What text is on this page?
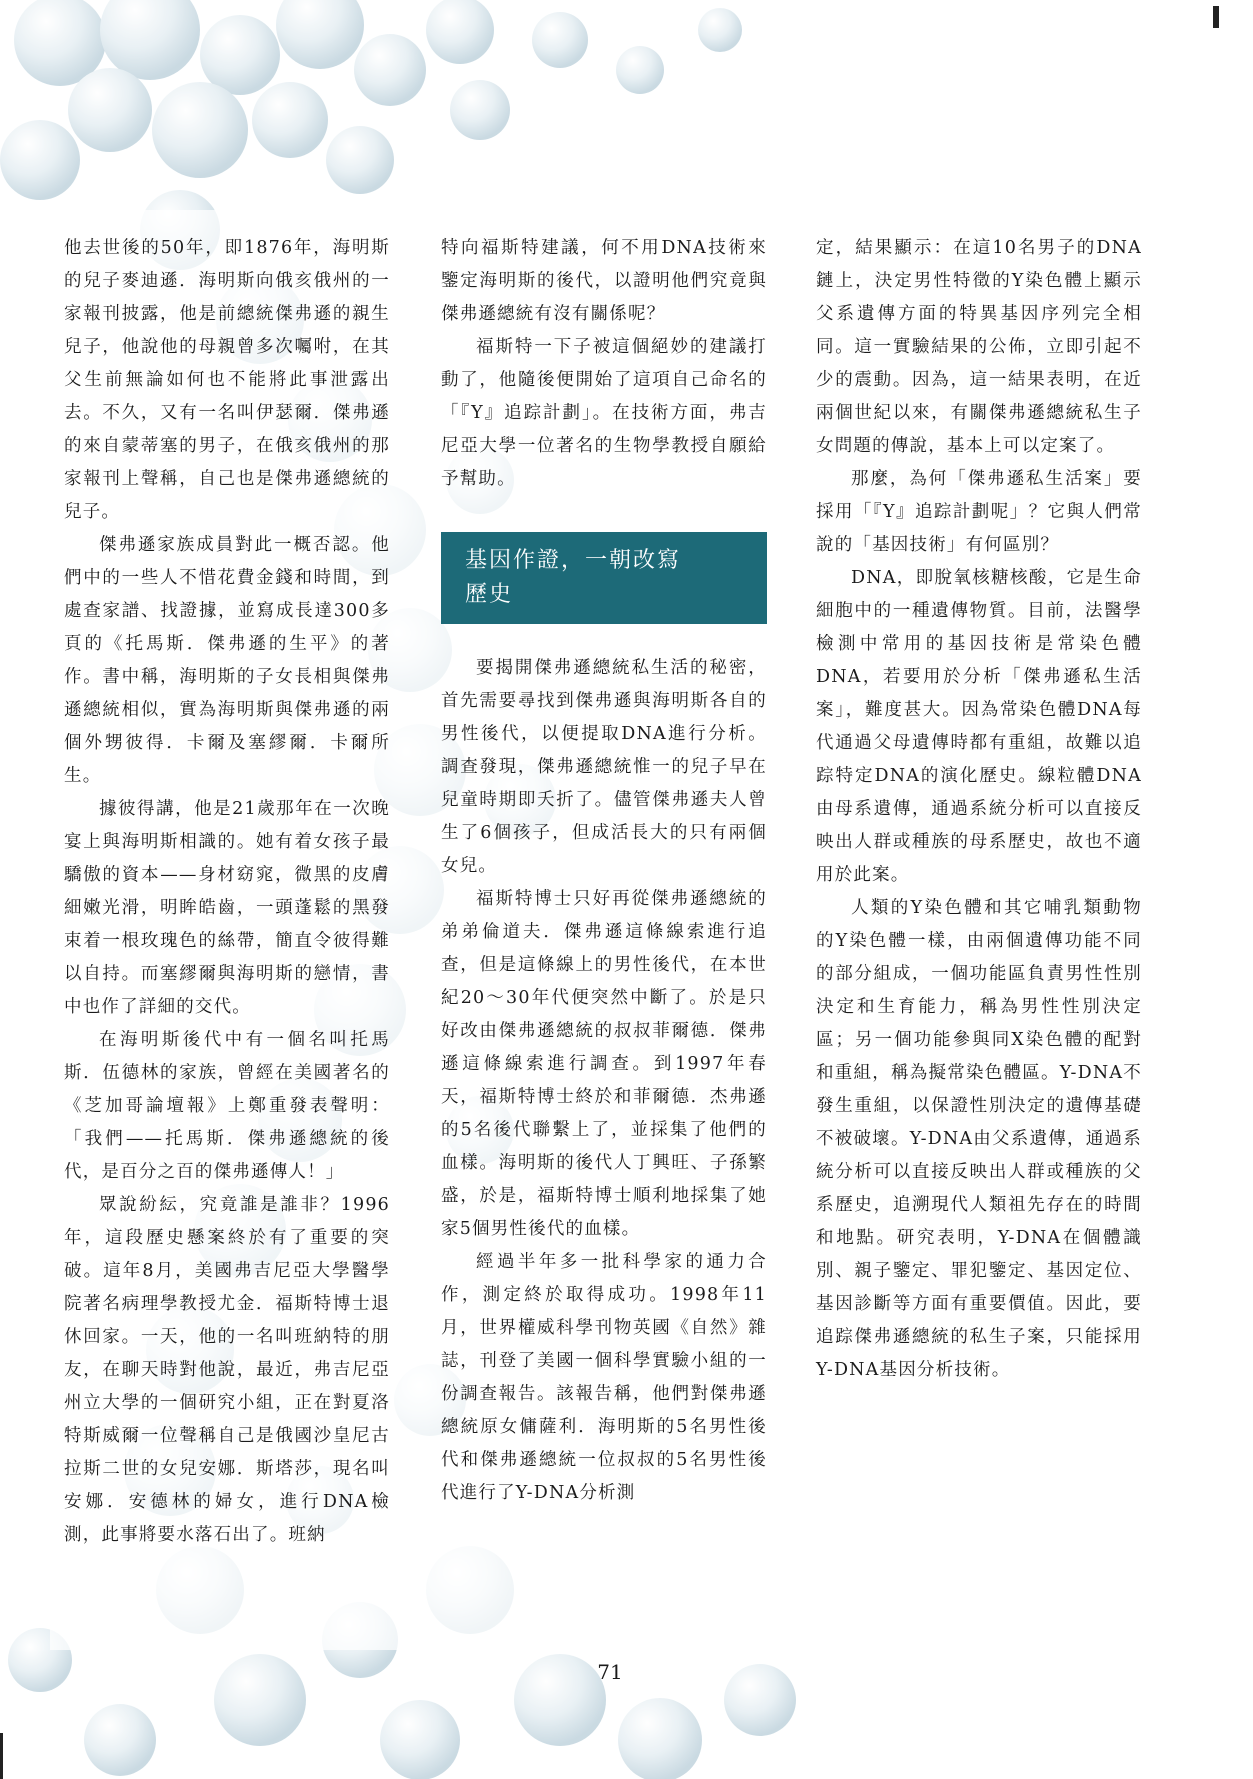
他去世後的50年，即1876年，海明斯的兒子麥迪遜．海明斯向俄亥俄州的一家報刊披露，他是前總統傑弗遜的親生兒子，他說他的母親曾多次囑咐，在其父生前無論如何也不能將此事泄露出去。不久，又有一名叫伊瑟爾．傑弗遜的來自蒙蒂塞的男子，在俄亥俄州的那家報刊上聲稱，自己也是傑弗遜總統的兒子。

傑弗遜家族成員對此一概否認。他們中的一些人不惜花費金錢和時間，到處查家譜、找證據，並寫成長達300多頁的《托馬斯．傑弗遜的生平》的著作。書中稱，海明斯的子女長相與傑弗遜總統相似，實為海明斯與傑弗遜的兩個外甥彼得．卡爾及塞繆爾．卡爾所生。

據彼得講，他是21歲那年在一次晚宴上與海明斯相識的。她有着女孩子最驕傲的資本——身材窈窕，微黑的皮膚細嫩光滑，明眸皓齒，一頭蓬鬆的黑發束着一根玫瑰色的絲帶，簡直令彼得難以自持。而塞繆爾與海明斯的戀情，書中也作了詳細的交代。

在海明斯後代中有一個名叫托馬斯．伍德林的家族，曾經在美國著名的《芝加哥論壇報》上鄭重發表聲明：「我們——托馬斯．傑弗遜總統的後代，是百分之百的傑弗遜傳人！」

眾說紛紜，究竟誰是誰非？1996年，這段歷史懸案終於有了重要的突破。這年8月，美國弗吉尼亞大學醫學院著名病理學教授尤金．福斯特博士退休回家。一天，他的一名叫班納特的朋友，在聊天時對他說，最近，弗吉尼亞州立大學的一個研究小組，正在對夏洛特斯威爾一位聲稱自己是俄國沙皇尼古拉斯二世的女兒安娜．斯塔莎，現名叫安娜．安德林的婦女，進行DNA檢測，此事將要水落石出了。班納

特向福斯特建議，何不用DNA技術來鑒定海明斯的後代，以證明他們究竟與傑弗遜總統有沒有關係呢？

福斯特一下子被這個絕妙的建議打動了，他隨後便開始了這項自己命名的「『Y』追踪計劃」。在技術方面，弗吉尼亞大學一位著名的生物學教授自願給予幫助。

基因作證，一朝改寫
歷史

要揭開傑弗遜總統私生活的秘密，首先需要尋找到傑弗遜與海明斯各自的男性後代，以便提取DNA進行分析。調查發現，傑弗遜總統惟一的兒子早在兒童時期即夭折了。儘管傑弗遜夫人曾生了6個孩子，但成活長大的只有兩個女兒。

福斯特博士只好再從傑弗遜總統的弟弟倫道夫．傑弗遜這條線索進行追查，但是這條線上的男性後代，在本世紀20～30年代便突然中斷了。於是只好改由傑弗遜總統的叔叔菲爾德．傑弗遜這條線索進行調查。到1997年春天，福斯特博士終於和菲爾德．杰弗遜的5名後代聯繫上了，並採集了他們的血樣。海明斯的後代人丁興旺、子孫繁盛，於是，福斯特博士順利地採集了她家5個男性後代的血樣。

經過半年多一批科學家的通力合作，測定終於取得成功。1998年11月，世界權威科學刊物英國《自然》雜誌，刊登了美國一個科學實驗小組的一份調查報告。該報告稱，他們對傑弗遜總統原女傭薩利．海明斯的5名男性後代和傑弗遜總統一位叔叔的5名男性後代進行了Y-DNA分析測

定，結果顯示：在這10名男子的DNA鏈上，決定男性特徵的Y染色體上顯示父系遺傳方面的特異基因序列完全相同。這一實驗結果的公佈，立即引起不少的震動。因為，這一結果表明，在近兩個世紀以來，有關傑弗遜總統私生子女問題的傳說，基本上可以定案了。

那麼，為何「傑弗遜私生活案」要採用「『Y』追踪計劃呢」？它與人們常說的「基因技術」有何區別？

DNA，即脫氧核糖核酸，它是生命細胞中的一種遺傳物質。目前，法醫學檢測中常用的基因技術是常染色體DNA，若要用於分析「傑弗遜私生活案」，難度甚大。因為常染色體DNA每代通過父母遺傳時都有重組，故難以追踪特定DNA的演化歷史。線粒體DNA由母系遺傳，通過系統分析可以直接反映出人群或種族的母系歷史，故也不適用於此案。

人類的Y染色體和其它哺乳類動物的Y染色體一樣，由兩個遺傳功能不同的部分組成，一個功能區負責男性性別決定和生育能力，稱為男性性別決定區；另一個功能參與同X染色體的配對和重組，稱為擬常染色體區。Y-DNA不發生重組，以保證性別決定的遺傳基礎不被破壞。Y-DNA由父系遺傳，通過系統分析可以直接反映出人群或種族的父系歷史，追溯現代人類祖先存在的時間和地點。研究表明，Y-DNA在個體識別、親子鑒定、罪犯鑒定、基因定位、基因診斷等方面有重要價值。因此，要追踪傑弗遜總統的私生子案，只能採用Y-DNA基因分析技術。

71
